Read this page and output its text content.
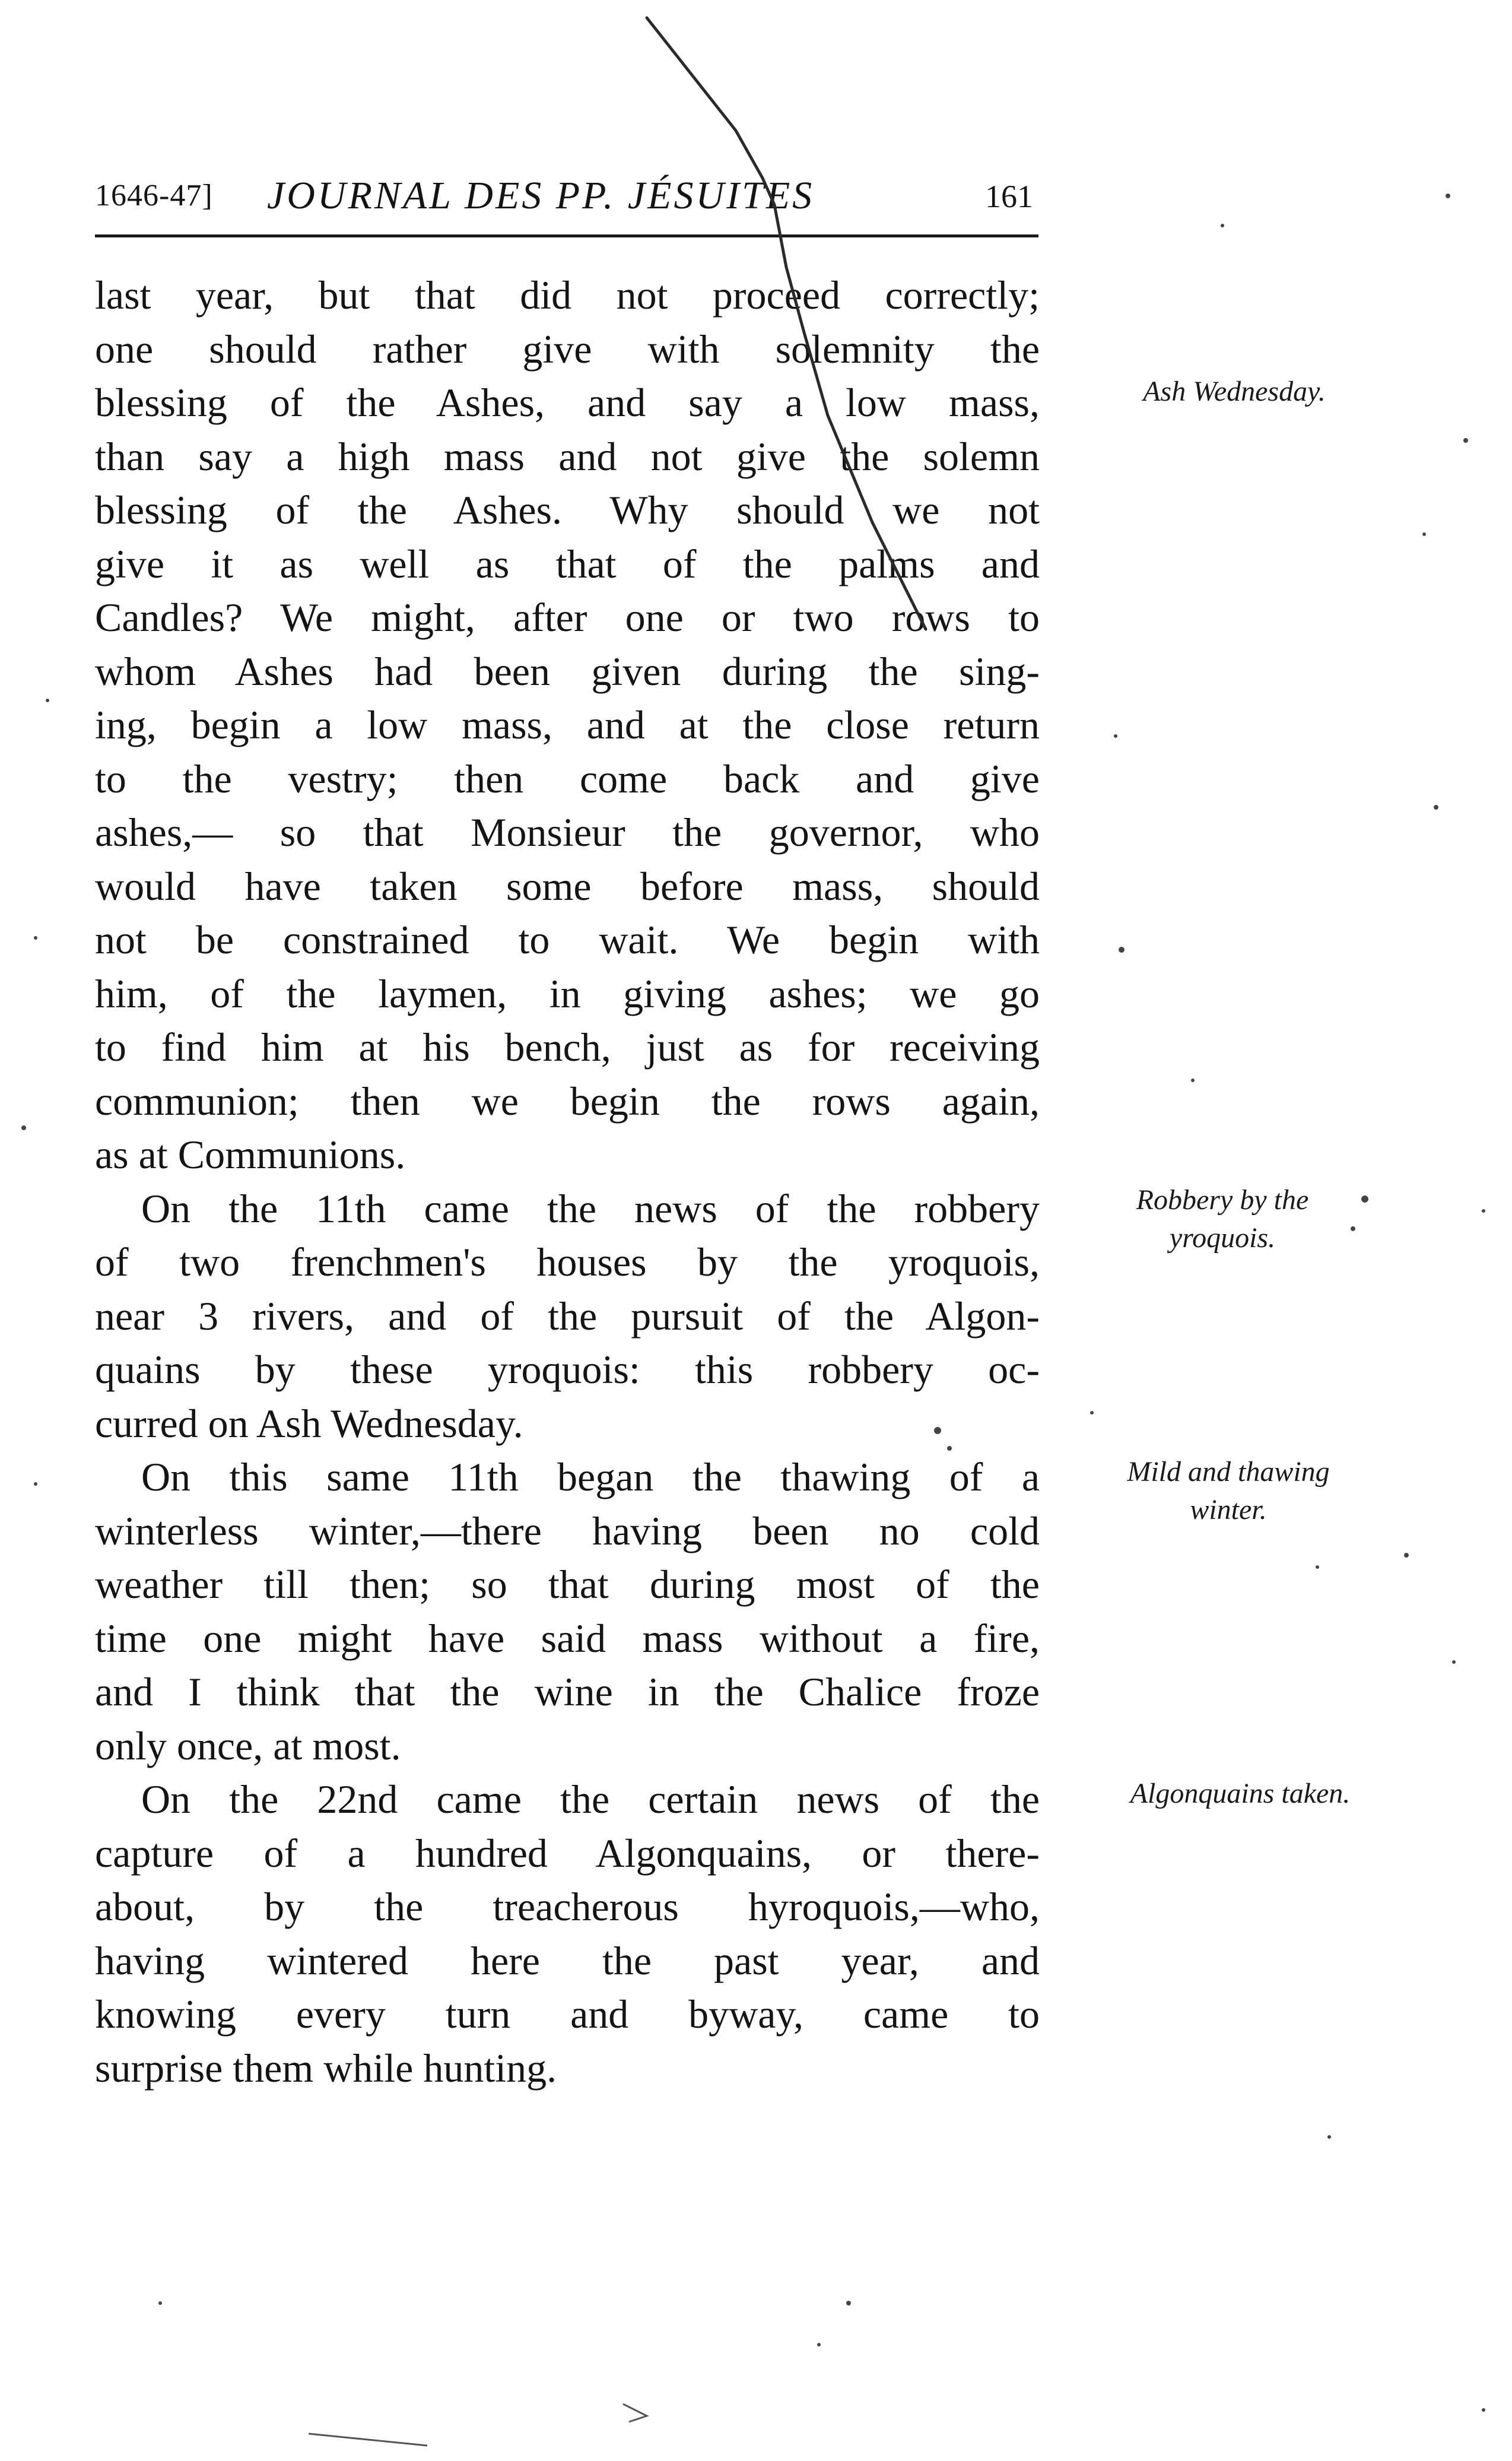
1646-47] JOURNAL DES PP. JÉSUITES	161
last year, but that did not proceed correctly;
one should rather give with solemnity the
blessing of the Ashes, and say a low mass,
than say a high mass and not give the solemn
blessing of the Ashes. Why should we not
give it as well as that of the palms and
Candles? We might, after one or two rows to
whom Ashes had been given during the sing-
ing, begin a low mass, and at the close return
to the vestry; then come back and give
ashes,— so that Monsieur the governor, who
would have taken some before mass, should
not be constrained to wait. We begin with
him, of the laymen, in giving ashes; we go
to find him at his bench, just as for receiving
communion; then we begin the rows again,
as at Communions.
On the 11th came the news of the robbery
of two frenchmen's houses by the yroquois,
near 3 rivers, and of the pursuit of the Algon-
quains by these yroquois: this robbery oc-
curred on Ash Wednesday.
On this same 11th began the thawing of a
winterless winter,—there having been no cold
weather till then; so that during most of the
time one might have said mass without a fire,
and I think that the wine in the Chalice froze
only once, at most.
On the 22nd came the certain news of the
capture of a hundred Algonquains, or there-
about, by the treacherous hyroquois,—who,
having wintered here the past year, and
knowing every turn and byway, came to
surprise them while hunting.
Ash Wednesday.
Robbery by the
yroquois.
Mild and thawing
winter.
Algonquains taken.
